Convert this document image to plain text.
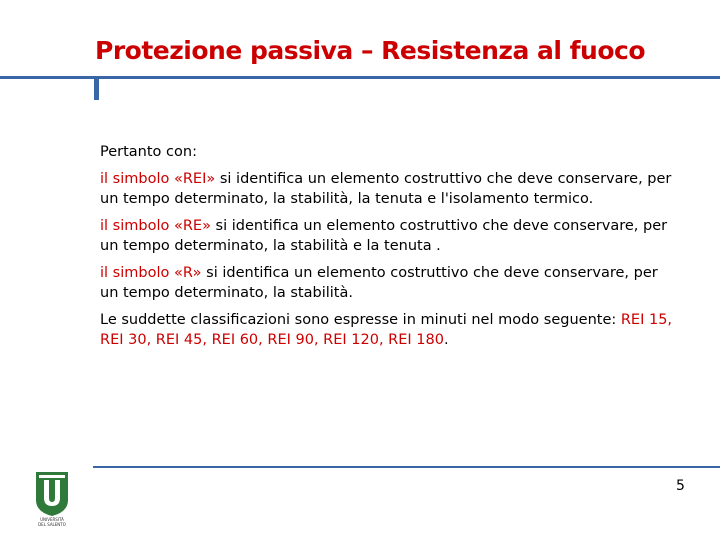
Protezione passiva – Resistenza al fuoco

Pertanto con:

il simbolo «REI» si identifica un elemento costruttivo che deve conservare, per un tempo determinato, la stabilità, la tenuta e l'isolamento termico.

il simbolo «RE» si identifica un elemento costruttivo che deve conservare, per un tempo determinato, la stabilità e la tenuta .

il simbolo «R» si identifica un elemento costruttivo che deve conservare, per un tempo determinato, la stabilità.

Le suddette classificazioni sono espresse in minuti nel modo seguente: REI 15, REI 30, REI 45, REI 60, REI 90, REI 120, REI 180.

5
UNIVERSITÀ
DEL SALENTO
